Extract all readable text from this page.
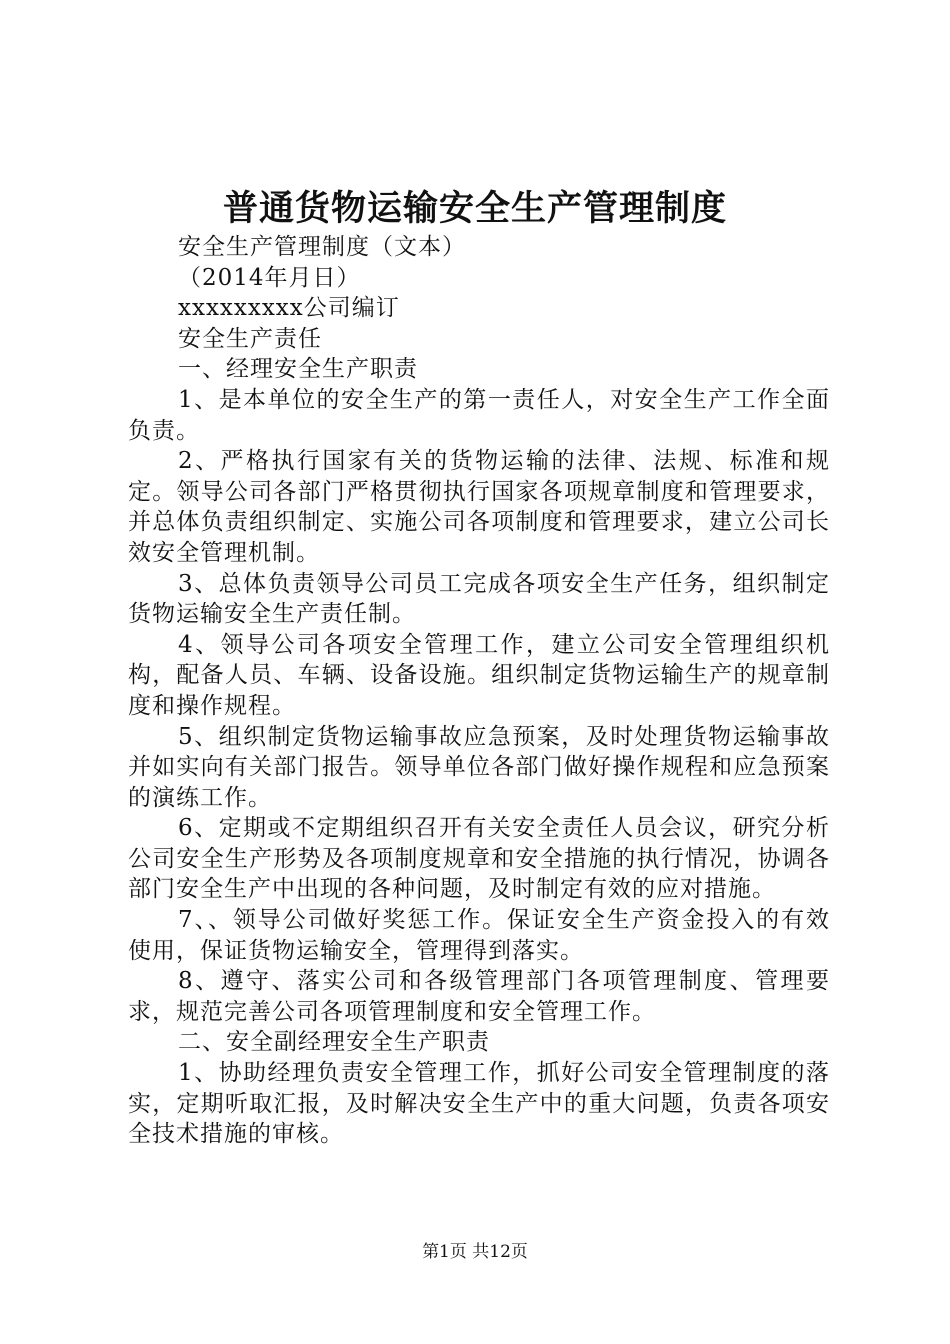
普通货物运输安全生产管理制度

安全生产管理制度（文本）

（2014年月日）

xxxxxxxxx公司编订

安全生产责任

一、经理安全生产职责

1、是本单位的安全生产的第一责任人，对安全生产工作全面负责。

2、严格执行国家有关的货物运输的法律、法规、标准和规定。领导公司各部门严格贯彻执行国家各项规章制度和管理要求，并总体负责组织制定、实施公司各项制度和管理要求，建立公司长效安全管理机制。

3、总体负责领导公司员工完成各项安全生产任务，组织制定货物运输安全生产责任制。

4、领导公司各项安全管理工作，建立公司安全管理组织机构，配备人员、车辆、设备设施。组织制定货物运输生产的规章制度和操作规程。

5、组织制定货物运输事故应急预案，及时处理货物运输事故并如实向有关部门报告。领导单位各部门做好操作规程和应急预案的演练工作。

6、定期或不定期组织召开有关安全责任人员会议，研究分析公司安全生产形势及各项制度规章和安全措施的执行情况，协调各部门安全生产中出现的各种问题，及时制定有效的应对措施。

7、、领导公司做好奖惩工作。保证安全生产资金投入的有效使用，保证货物运输安全，管理得到落实。

8、遵守、落实公司和各级管理部门各项管理制度、管理要求，规范完善公司各项管理制度和安全管理工作。

二、安全副经理安全生产职责

1、协助经理负责安全管理工作，抓好公司安全管理制度的落实，定期听取汇报，及时解决安全生产中的重大问题，负责各项安全技术措施的审核。

第1页 共12页
